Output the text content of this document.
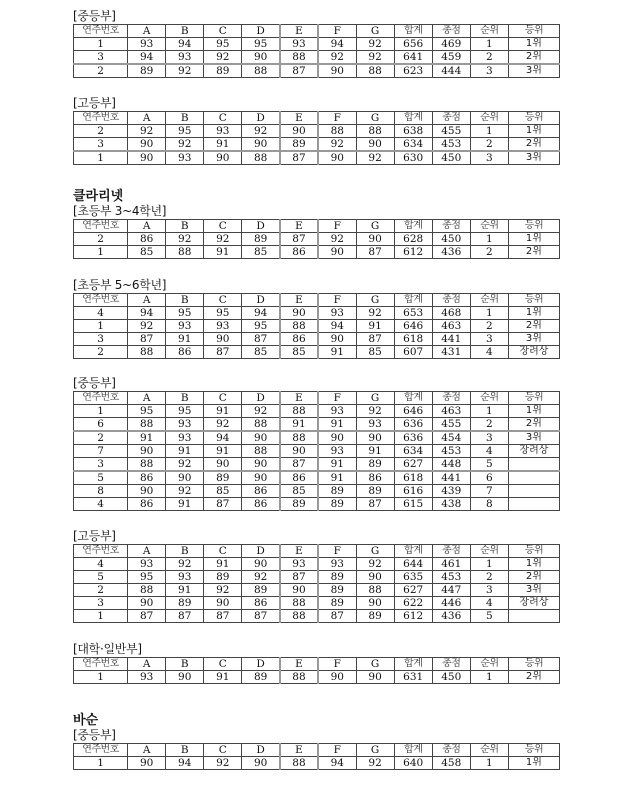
[중등부]
연주번호	A	B	C	D	E	F	G	합계	총점	순위	등위
1	93	94	95	95	93	94	92	656	469	1	1위
3	94	93	92	90	88	92	92	641	459	2	2위
2	89	92	89	88	87	90	88	623	444	3	3위
[고등부]
연주번호	A	B	C	D	E	F	G	합계	총점	순위	등위
2	92	95	93	92	90	88	88	638	455	1	1위
3	90	92	91	90	89	92	90	634	453	2	2위
1	90	93	90	88	87	90	92	630	450	3	3위
클라리넷
[초등부 3~4학년]
연주번호	A	B	C	D	E	F	G	합계	총점	순위	등위
2	86	92	92	89	87	92	90	628	450	1	1위
1	85	88	91	85	86	90	87	612	436	2	2위
[초등부 5~6학년]
연주번호	A	B	C	D	E	F	G	합계	총점	순위	등위
4	94	95	95	94	90	93	92	653	468	1	1위
1	92	93	93	95	88	94	91	646	463	2	2위
3	87	91	90	87	86	90	87	618	441	3	3위
2	88	86	87	85	85	91	85	607	431	4	장려상
[중등부]
연주번호	A	B	C	D	E	F	G	합계	총점	순위	등위
1	95	95	91	92	88	93	92	646	463	1	1위
6	88	93	92	88	91	91	93	636	455	2	2위
2	91	93	94	90	88	90	90	636	454	3	3위
7	90	91	91	88	90	93	91	634	453	4	장려상
3	88	92	90	90	87	91	89	627	448	5	
5	86	90	89	90	86	91	86	618	441	6	
8	90	92	85	86	85	89	89	616	439	7	
4	86	91	87	86	89	89	87	615	438	8	
[고등부]
연주번호	A	B	C	D	E	F	G	합계	총점	순위	등위
4	93	92	91	90	93	93	92	644	461	1	1위
5	95	93	89	92	87	89	90	635	453	2	2위
2	88	91	92	89	90	89	88	627	447	3	3위
3	90	89	90	86	88	89	90	622	446	4	장려상
1	87	87	87	87	88	87	89	612	436	5	
[대학·일반부]
연주번호	A	B	C	D	E	F	G	합계	총점	순위	등위
1	93	90	91	89	88	90	90	631	450	1	2위
바순
[중등부]
연주번호	A	B	C	D	E	F	G	합계	총점	순위	등위
1	90	94	92	90	88	94	92	640	458	1	1위
